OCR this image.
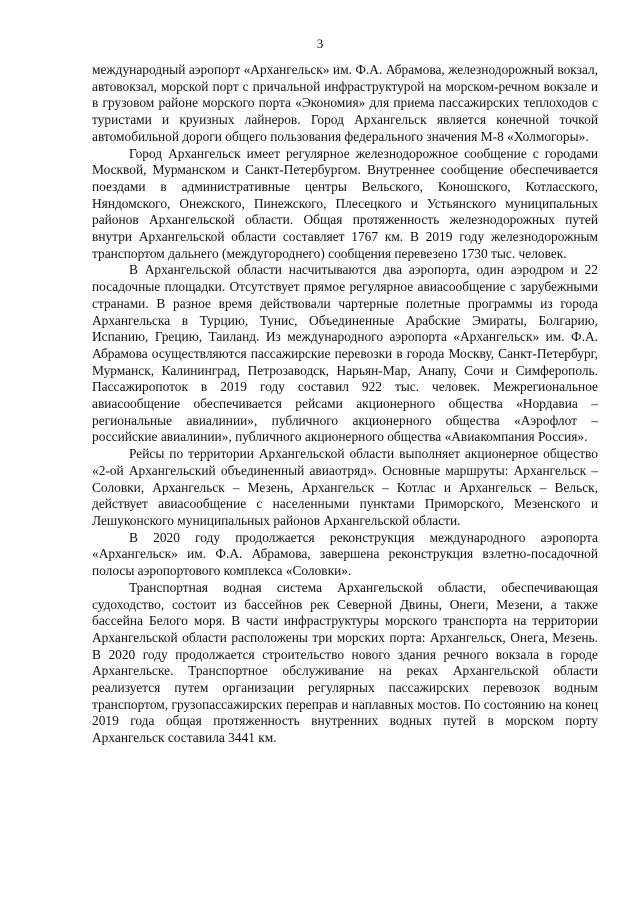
3

международный аэропорт «Архангельск» им. Ф.А. Абрамова, железнодорожный вокзал, автовокзал, морской порт с причальной инфраструктурой на морском-речном вокзале и в грузовом районе морского порта «Экономия» для приема пассажирских теплоходов с туристами и круизных лайнеров. Город Архангельск является конечной точкой автомобильной дороги общего пользования федерального значения М-8 «Холмогоры».

Город Архангельск имеет регулярное железнодорожное сообщение с городами Москвой, Мурманском и Санкт-Петербургом. Внутреннее сообщение обеспечивается поездами в административные центры Вельского, Коношского, Котласского, Няндомского, Онежского, Пинежского, Плесецкого и Устьянского муниципальных районов Архангельской области. Общая протяженность железнодорожных путей внутри Архангельской области составляет 1767 км. В 2019 году железнодорожным транспортом дальнего (междугороднего) сообщения перевезено 1730 тыс. человек.

В Архангельской области насчитываются два аэропорта, один аэродром и 22 посадочные площадки. Отсутствует прямое регулярное авиасообщение с зарубежными странами. В разное время действовали чартерные полетные программы из города Архангельска в Турцию, Тунис, Объединенные Арабские Эмираты, Болгарию, Испанию, Грецию, Таиланд. Из международного аэропорта «Архангельск» им. Ф.А. Абрамова осуществляются пассажирские перевозки в города Москву, Санкт-Петербург, Мурманск, Калининград, Петрозаводск, Нарьян-Мар, Анапу, Сочи и Симферополь. Пассажиропоток в 2019 году составил 922 тыс. человек. Межрегиональное авиасообщение обеспечивается рейсами акционерного общества «Нордавиа – региональные авиалинии», публичного акционерного общества «Аэрофлот – российские авиалинии», публичного акционерного общества «Авиакомпания Россия».

Рейсы по территории Архангельской области выполняет акционерное общество «2-ой Архангельский объединенный авиаотряд». Основные маршруты: Архангельск – Соловки, Архангельск – Мезень, Архангельск – Котлас и Архангельск – Вельск, действует авиасообщение с населенными пунктами Приморского, Мезенского и Лешуконского муниципальных районов Архангельской области.

В 2020 году продолжается реконструкция международного аэропорта «Архангельск» им. Ф.А. Абрамова, завершена реконструкция взлетно-посадочной полосы аэропортового комплекса «Соловки».

Транспортная водная система Архангельской области, обеспечивающая судоходство, состоит из бассейнов рек Северной Двины, Онеги, Мезени, а также бассейна Белого моря. В части инфраструктуры морского транспорта на территории Архангельской области расположены три морских порта: Архангельск, Онега, Мезень. В 2020 году продолжается строительство нового здания речного вокзала в городе Архангельске. Транспортное обслуживание на реках Архангельской области реализуется путем организации регулярных пассажирских перевозок водным транспортом, грузопассажирских переправ и наплавных мостов. По состоянию на конец 2019 года общая протяженность внутренних водных путей в морском порту Архангельск составила 3441 км.
